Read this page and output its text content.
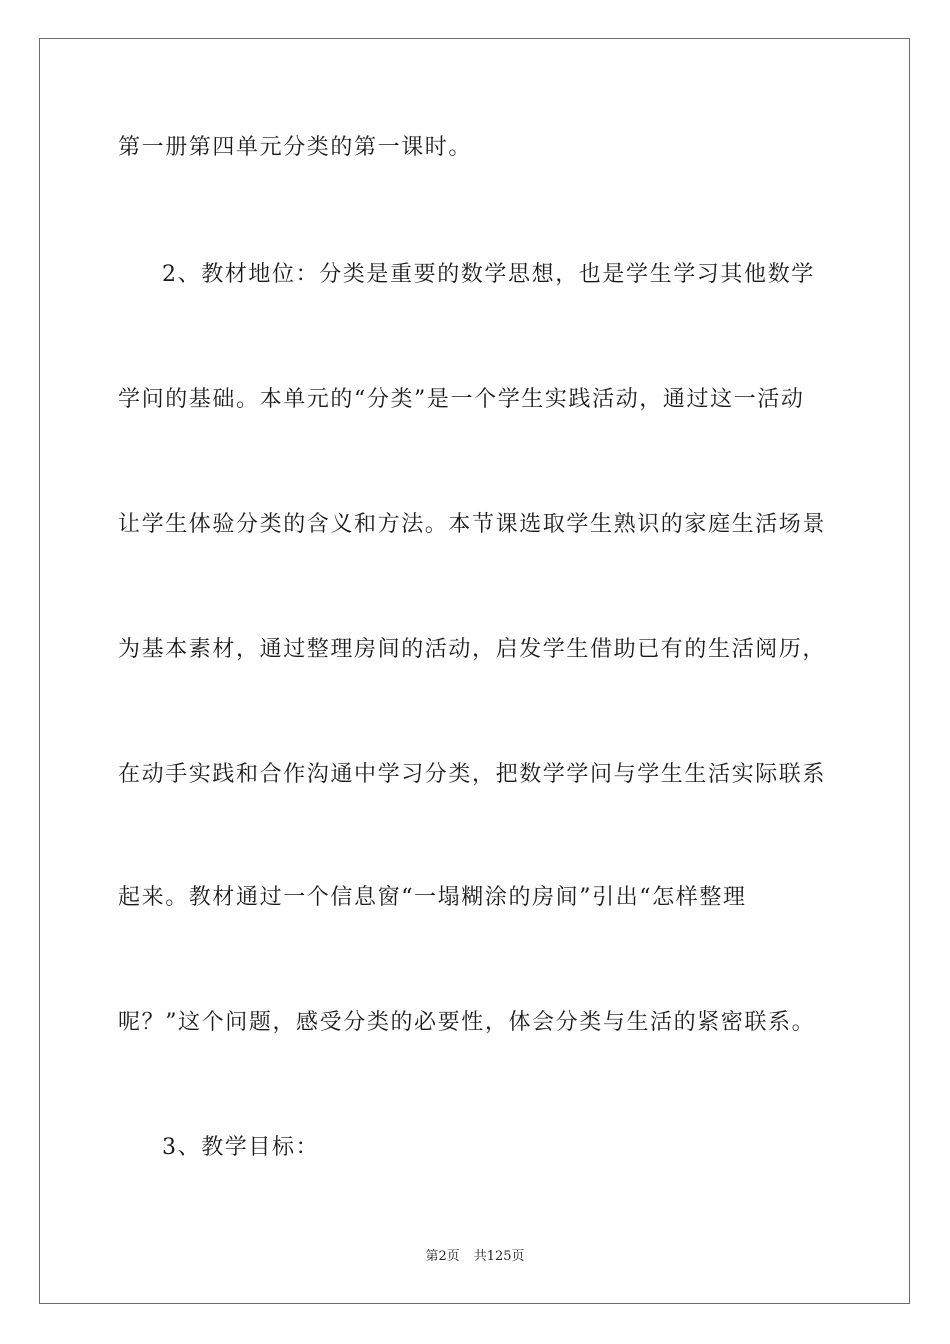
第一册第四单元分类的第一课时。
2、教材地位：分类是重要的数学思想，也是学生学习其他数学
学问的基础。本单元的“分类”是一个学生实践活动，通过这一活动
让学生体验分类的含义和方法。本节课选取学生熟识的家庭生活场景
为基本素材，通过整理房间的活动，启发学生借助已有的生活阅历，
在动手实践和合作沟通中学习分类，把数学学问与学生生活实际联系
起来。教材通过一个信息窗“一塌糊涂的房间”引出“怎样整理
呢？”这个问题，感受分类的必要性，体会分类与生活的紧密联系。
3、教学目标：
第2页 共125页
